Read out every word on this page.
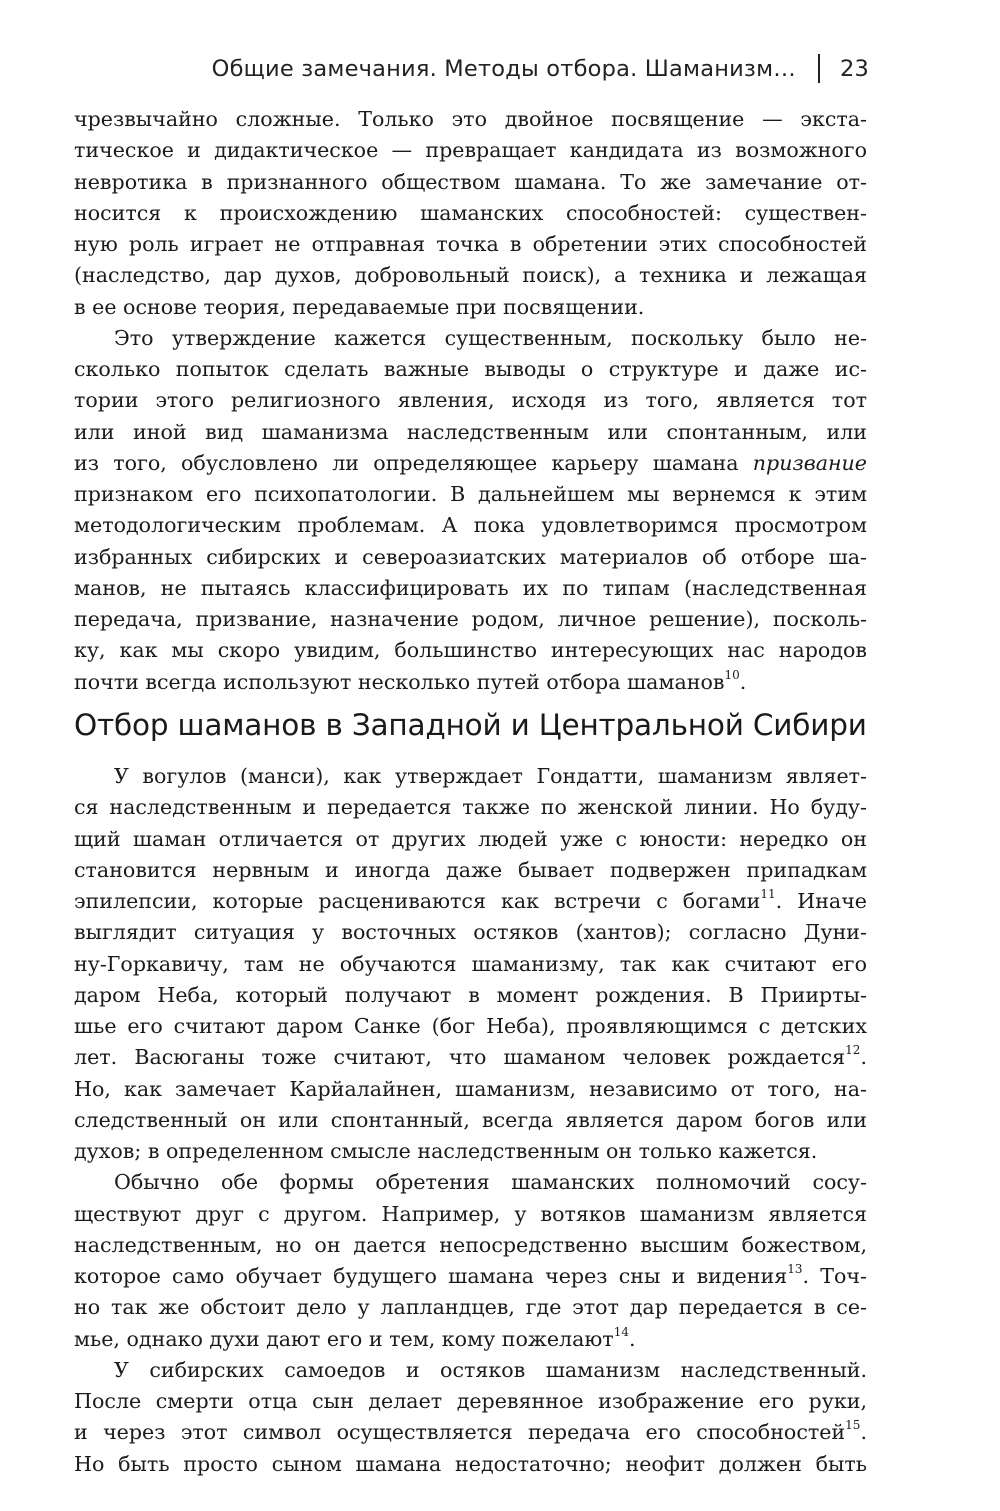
Общие замечания. Методы отбора. Шаманизм… 23
чрезвычайно сложные. Только это двойное посвящение — экста-
тическое и дидактическое — превращает кандидата из возможного
невротика в признанного обществом шамана. То же замечание от-
носится к происхождению шаманских способностей: существен-
ную роль играет не отправная точка в обретении этих способностей
(наследство, дар духов, добровольный поиск), а техника и лежащая
в ее основе теория, передаваемые при посвящении.
Это утверждение кажется существенным, поскольку было не-
сколько попыток сделать важные выводы о структуре и даже ис-
тории этого религиозного явления, исходя из того, является тот
или иной вид шаманизма наследственным или спонтанным, или
из того, обусловлено ли определяющее карьеру шамана призвание
признаком его психопатологии. В дальнейшем мы вернемся к этим
методологическим проблемам. А пока удовлетворимся просмотром
избранных сибирских и североазиатских материалов об отборе ша-
манов, не пытаясь классифицировать их по типам (наследственная
передача, призвание, назначение родом, личное решение), посколь-
ку, как мы скоро увидим, большинство интересующих нас народов
почти всегда используют несколько путей отбора шаманов$^{10}$.
Отбор шаманов в Западной и Центральной Сибири
У вогулов (манси), как утверждает Гондатти, шаманизм являет-
ся наследственным и передается также по женской линии. Но буду-
щий шаман отличается от других людей уже с юности: нередко он
становится нервным и иногда даже бывает подвержен припадкам
эпилепсии, которые расцениваются как встречи с богами$^{11}$. Иначе
выглядит ситуация у восточных остяков (хантов); согласно Дуни-
ну-Горкавичу, там не обучаются шаманизму, так как считают его
даром Неба, который получают в момент рождения. В Приирты-
шье его считают даром Санке (бог Неба), проявляющимся с детских
лет. Васюганы тоже считают, что шаманом человек рождается$^{12}$.
Но, как замечает Карйалайнен, шаманизм, независимо от того, на-
следственный он или спонтанный, всегда является даром богов или
духов; в определенном смысле наследственным он только кажется.
Обычно обе формы обретения шаманских полномочий сосу-
ществуют друг с другом. Например, у вотяков шаманизм является
наследственным, но он дается непосредственно высшим божеством,
которое само обучает будущего шамана через сны и видения$^{13}$. Точ-
но так же обстоит дело у лапландцев, где этот дар передается в се-
мье, однако духи дают его и тем, кому пожелают$^{14}$.
У сибирских самоедов и остяков шаманизм наследственный.
После смерти отца сын делает деревянное изображение его руки,
и через этот символ осуществляется передача его способностей$^{15}$.
Но быть просто сыном шамана недостаточно; неофит должен быть
